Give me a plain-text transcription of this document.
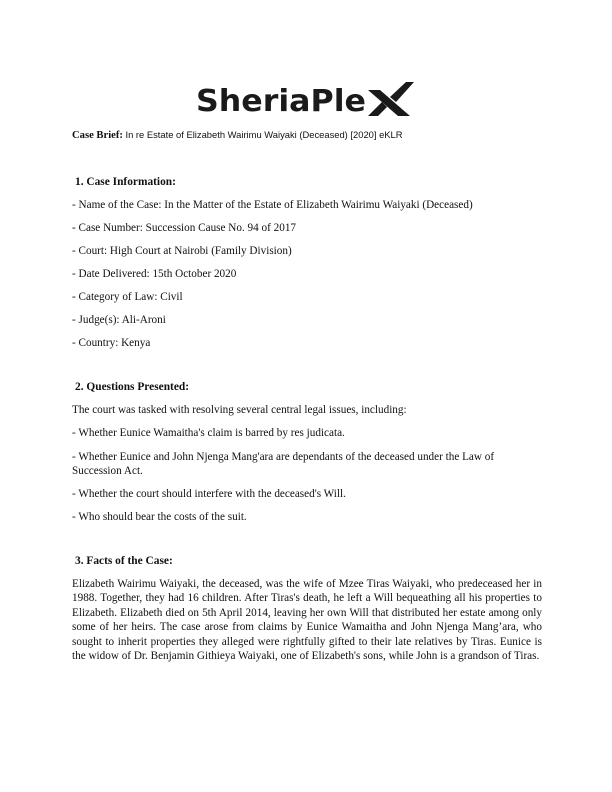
SheriaPle
Case Brief: In re Estate of Elizabeth Wairimu Waiyaki (Deceased) [2020] eKLR
1. Case Information:
- Name of the Case: In the Matter of the Estate of Elizabeth Wairimu Waiyaki (Deceased)
- Case Number: Succession Cause No. 94 of 2017
- Court: High Court at Nairobi (Family Division)
- Date Delivered: 15th October 2020
- Category of Law: Civil
- Judge(s): Ali-Aroni
- Country: Kenya
2. Questions Presented:
The court was tasked with resolving several central legal issues, including:
- Whether Eunice Wamaitha's claim is barred by res judicata.
- Whether Eunice and John Njenga Mang'ara are dependants of the deceased under the Law of Succession Act.
- Whether the court should interfere with the deceased's Will.
- Who should bear the costs of the suit.
3. Facts of the Case:
Elizabeth Wairimu Waiyaki, the deceased, was the wife of Mzee Tiras Waiyaki, who predeceased her in 1988. Together, they had 16 children. After Tiras's death, he left a Will bequeathing all his properties to Elizabeth. Elizabeth died on 5th April 2014, leaving her own Will that distributed her estate among only some of her heirs. The case arose from claims by Eunice Wamaitha and John Njenga Mang’ara, who sought to inherit properties they alleged were rightfully gifted to their late relatives by Tiras. Eunice is the widow of Dr. Benjamin Githieya Waiyaki, one of Elizabeth's sons, while John is a grandson of Tiras.
